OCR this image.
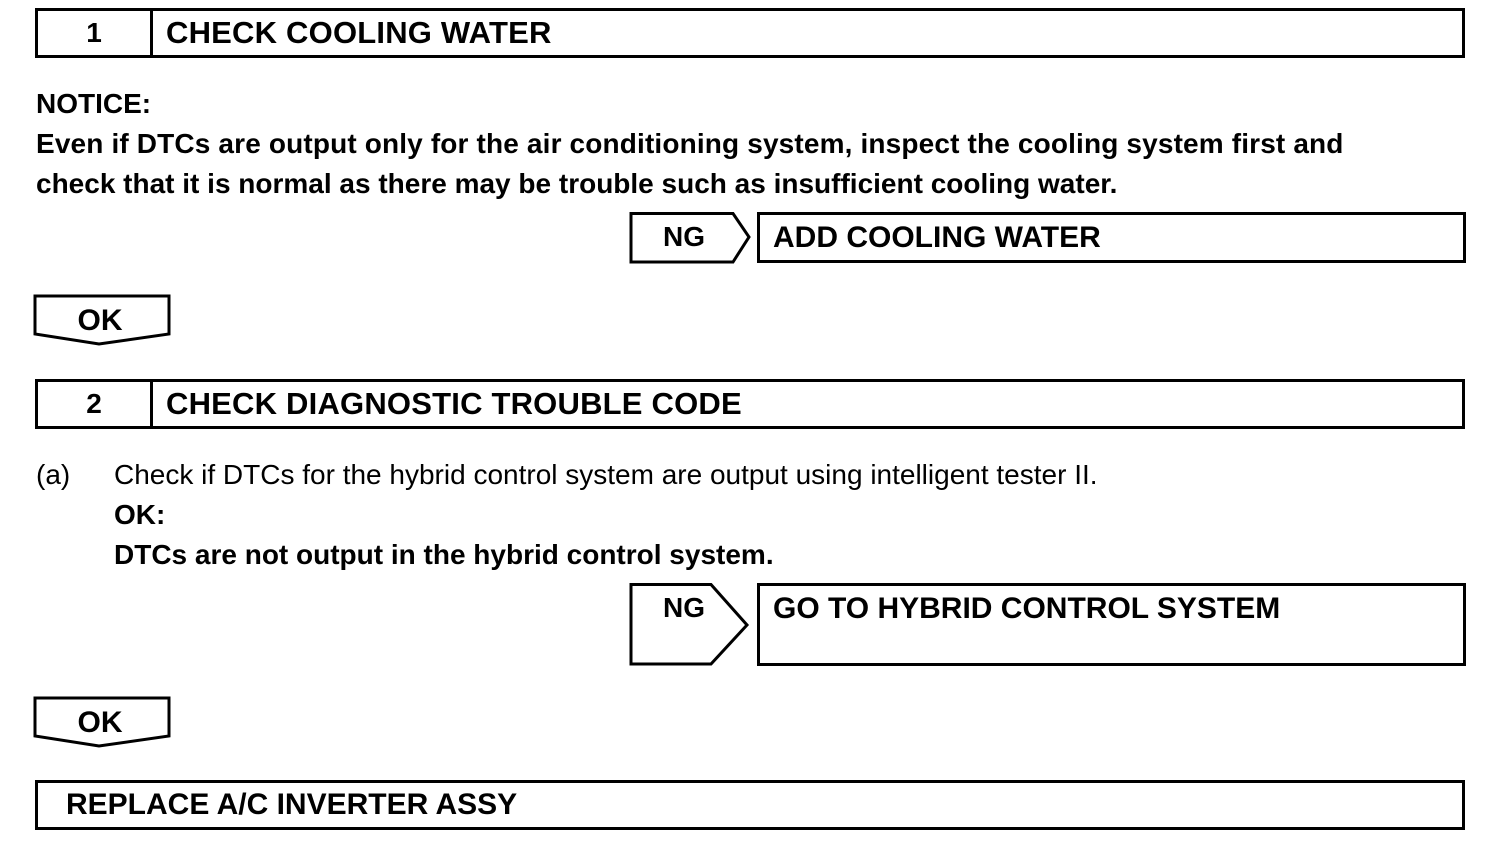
1	CHECK COOLING WATER
NOTICE:
Even if DTCs are output only for the air conditioning system, inspect the cooling system first and
check that it is normal as there may be trouble such as insufficient cooling water.
NG	ADD COOLING WATER
OK
2	CHECK DIAGNOSTIC TROUBLE CODE
(a) Check if DTCs for the hybrid control system are output using intelligent tester II.
OK:
DTCs are not output in the hybrid control system.
NG	GO TO HYBRID CONTROL SYSTEM
OK
REPLACE A/C INVERTER ASSY
